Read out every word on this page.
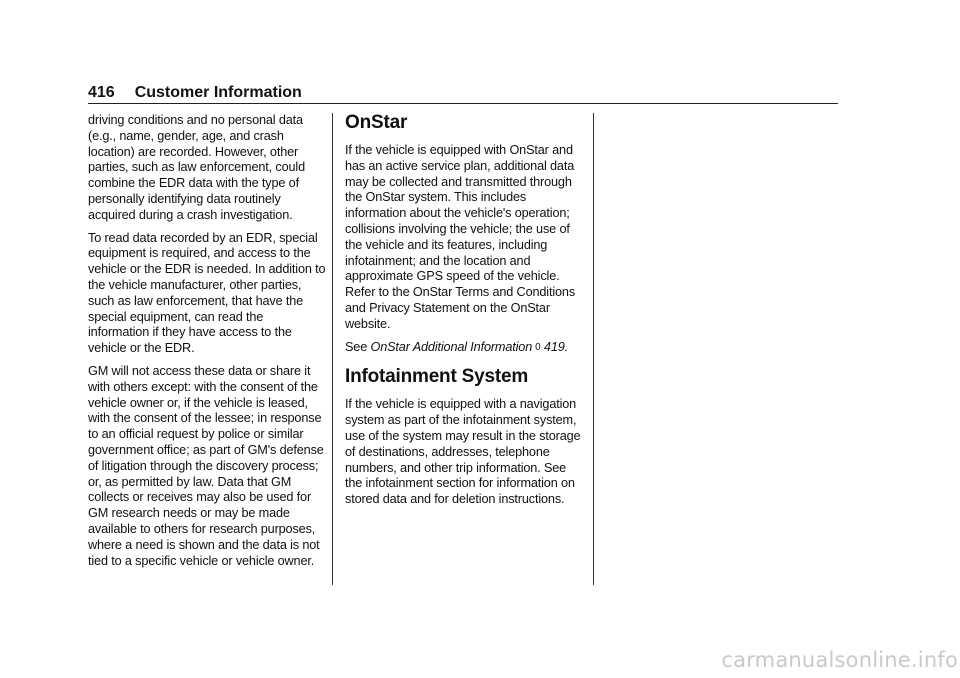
416 Customer Information

driving conditions and no personal data (e.g., name, gender, age, and crash location) are recorded. However, other parties, such as law enforcement, could combine the EDR data with the type of personally identifying data routinely acquired during a crash investigation.

To read data recorded by an EDR, special equipment is required, and access to the vehicle or the EDR is needed. In addition to the vehicle manufacturer, other parties, such as law enforcement, that have the special equipment, can read the information if they have access to the vehicle or the EDR.

GM will not access these data or share it with others except: with the consent of the vehicle owner or, if the vehicle is leased, with the consent of the lessee; in response to an official request by police or similar government office; as part of GM's defense of litigation through the discovery process; or, as permitted by law. Data that GM collects or receives may also be used for GM research needs or may be made available to others for research purposes, where a need is shown and the data is not tied to a specific vehicle or vehicle owner.

OnStar

If the vehicle is equipped with OnStar and has an active service plan, additional data may be collected and transmitted through the OnStar system. This includes information about the vehicle's operation; collisions involving the vehicle; the use of the vehicle and its features, including infotainment; and the location and approximate GPS speed of the vehicle. Refer to the OnStar Terms and Conditions and Privacy Statement on the OnStar website.

See OnStar Additional Information 0 419.

Infotainment System

If the vehicle is equipped with a navigation system as part of the infotainment system, use of the system may result in the storage of destinations, addresses, telephone numbers, and other trip information. See the infotainment section for information on stored data and for deletion instructions.

carmanualsonline.info
